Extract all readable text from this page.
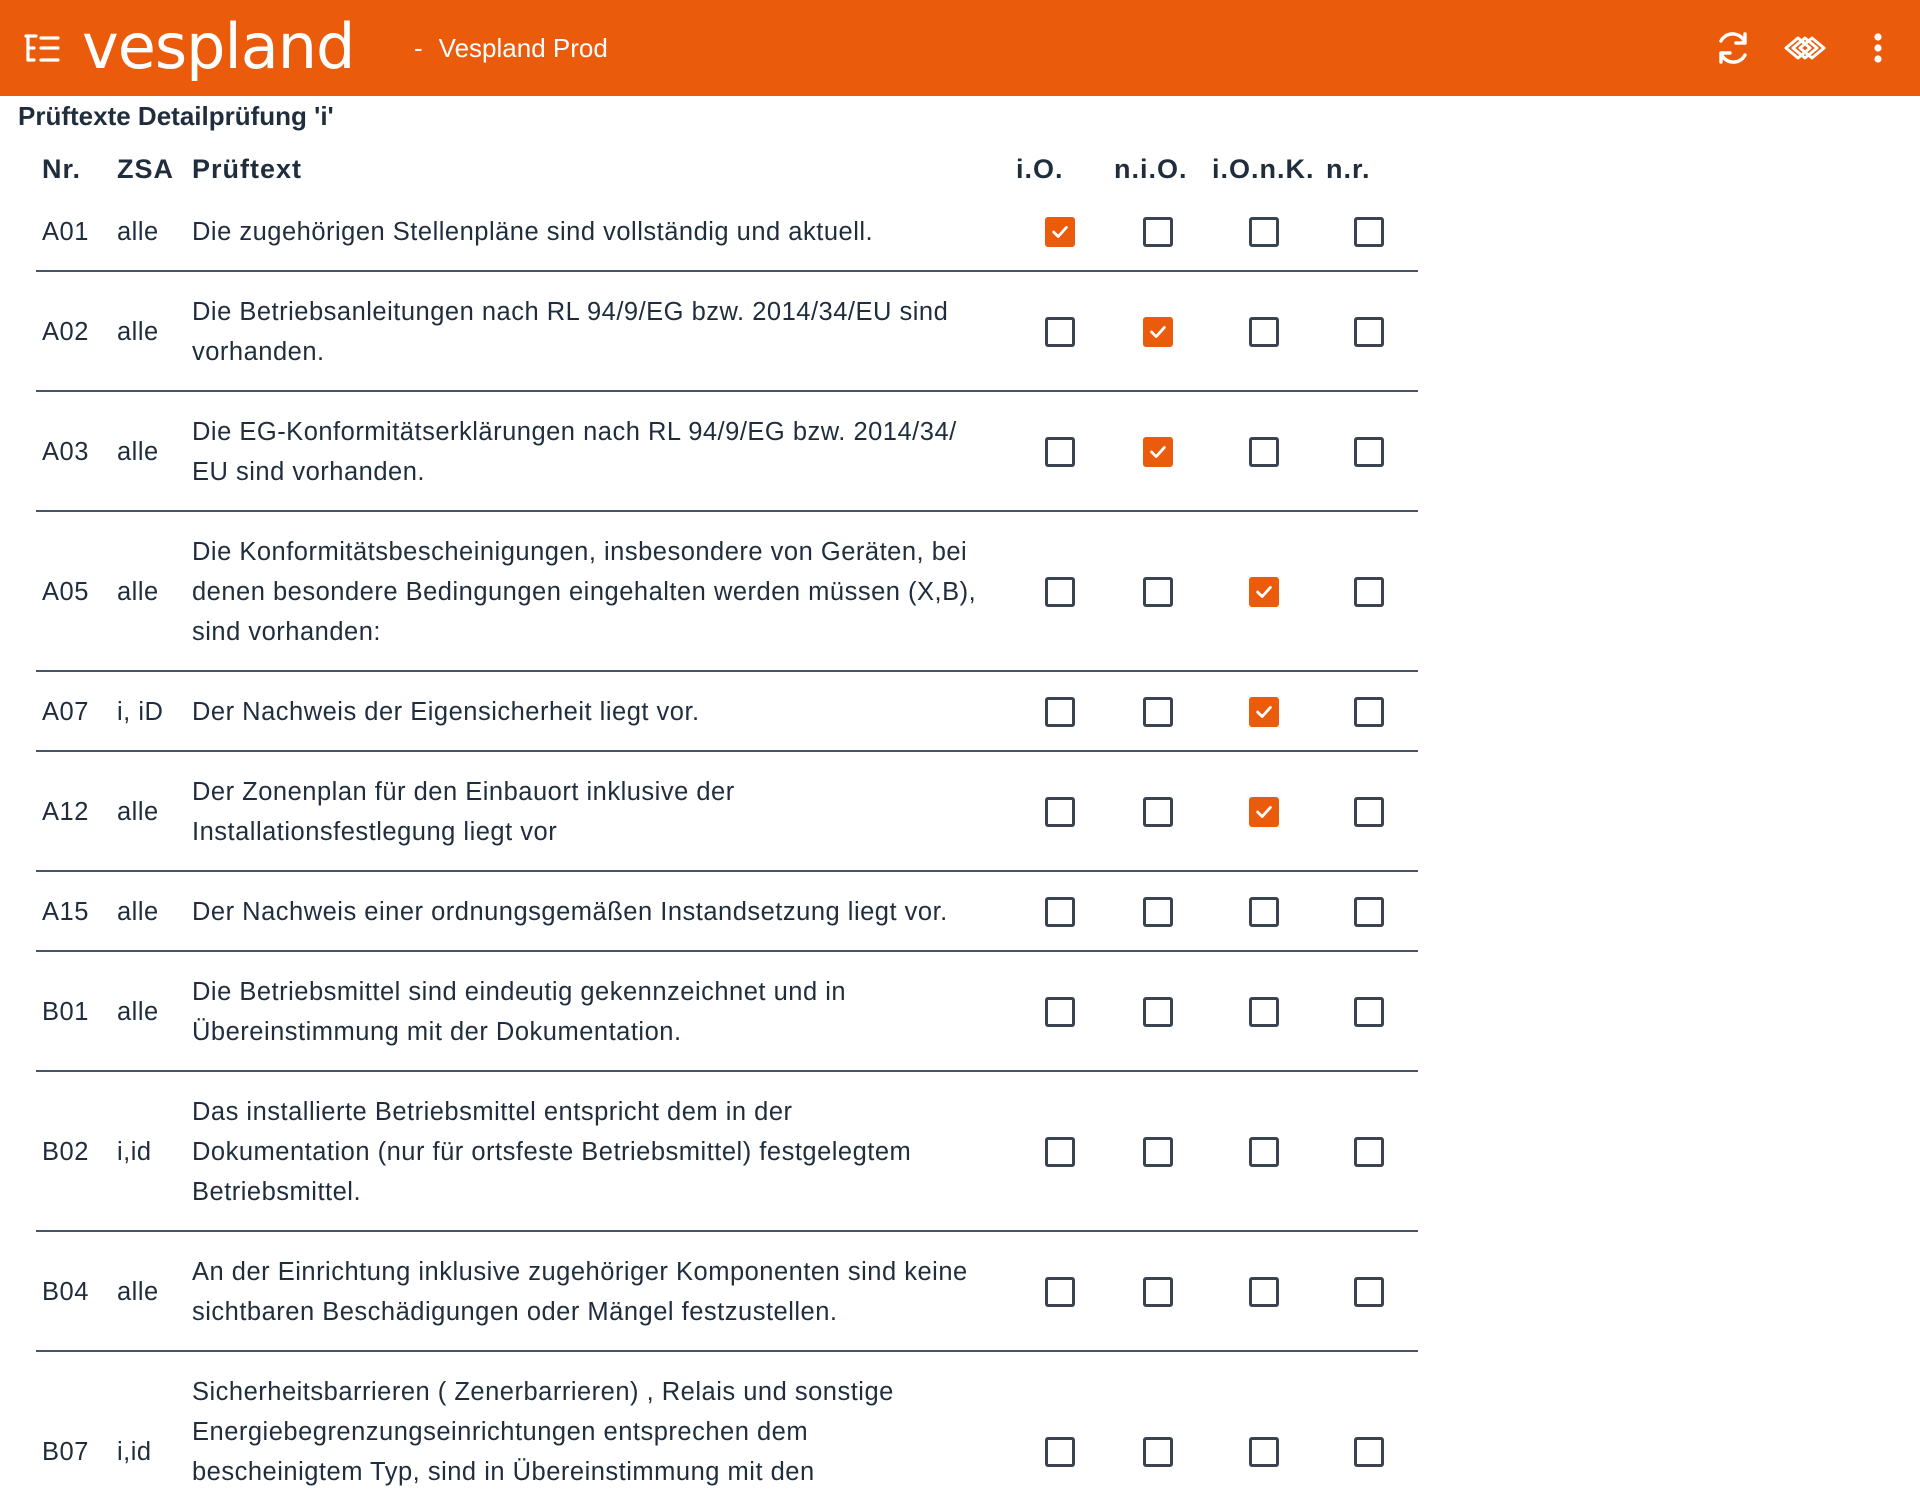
vespland - Vespland Prod
Prüftexte Detailprüfung 'i'
Nr. ZSA Prüftext	i.O. n.i.O. i.O.n.K. n.r.
A01 alle Die zugehörigen Stellenpläne sind vollständig und aktuell.
A02 alle
Die Betriebsanleitungen nach RL 94/9/EG bzw. 2014/34/EU sind
vorhanden.
A03 alle
Die EG-Konformitätserklärungen nach RL 94/9/EG bzw. 2014/34/
EU sind vorhanden.
A05 alle
Die Konformitätsbescheinigungen, insbesondere von Geräten, bei
denen besondere Bedingungen eingehalten werden müssen (X,B),
sind vorhanden:
A07 i, iD Der Nachweis der Eigensicherheit liegt vor.
A12 alle
Der Zonenplan für den Einbauort inklusive der
Installationsfestlegung liegt vor
A15 alle Der Nachweis einer ordnungsgemäßen Instandsetzung liegt vor.
B01 alle
Die Betriebsmittel sind eindeutig gekennzeichnet und in
Übereinstimmung mit der Dokumentation.
B02 i,id
Das installierte Betriebsmittel entspricht dem in der
Dokumentation (nur für ortsfeste Betriebsmittel) festgelegtem
Betriebsmittel.
B04 alle
An der Einrichtung inklusive zugehöriger Komponenten sind keine
sichtbaren Beschädigungen oder Mängel festzustellen.
B07 i,id
Sicherheitsbarrieren ( Zenerbarrieren) , Relais und sonstige
Energiebegrenzungseinrichtungen entsprechen dem
bescheinigtem Typ, sind in Übereinstimmung mit den
